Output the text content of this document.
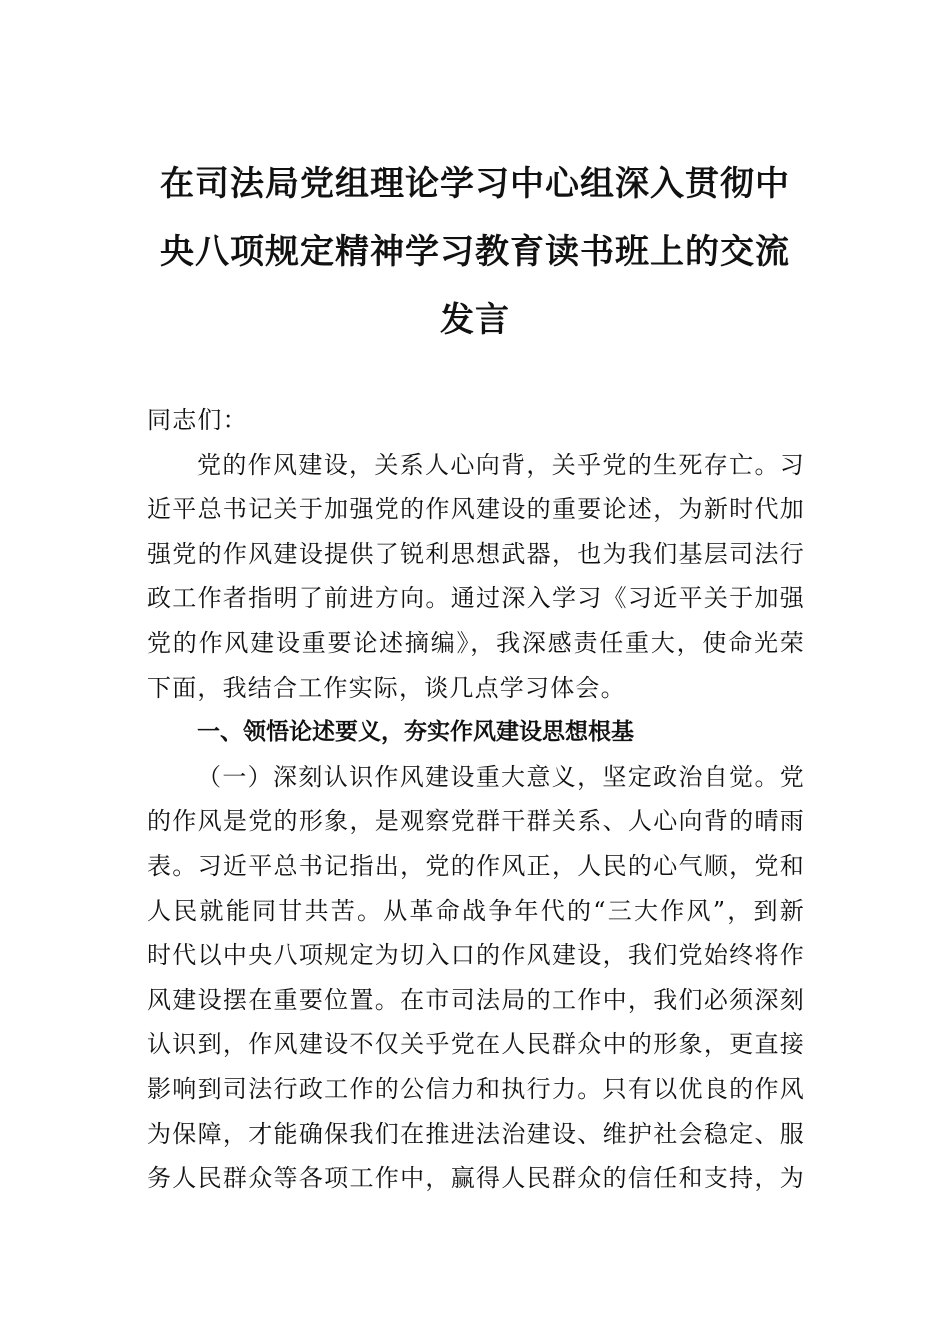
在司法局党组理论学习中心组深入贯彻中
央八项规定精神学习教育读书班上的交流
发言
同志们：
党的作风建设，关系人心向背，关乎党的生死存亡。习
近平总书记关于加强党的作风建设的重要论述，为新时代加
强党的作风建设提供了锐利思想武器，也为我们基层司法行
政工作者指明了前进方向。通过深入学习《习近平关于加强
党的作风建设重要论述摘编》，我深感责任重大，使命光荣
下面，我结合工作实际，谈几点学习体会。
一、领悟论述要义，夯实作风建设思想根基
（一）深刻认识作风建设重大意义，坚定政治自觉。党
的作风是党的形象，是观察党群干群关系、人心向背的晴雨
表。习近平总书记指出，党的作风正，人民的心气顺，党和
人民就能同甘共苦。从革命战争年代的“三大作风”，到新
时代以中央八项规定为切入口的作风建设，我们党始终将作
风建设摆在重要位置。在市司法局的工作中，我们必须深刻
认识到，作风建设不仅关乎党在人民群众中的形象，更直接
影响到司法行政工作的公信力和执行力。只有以优良的作风
为保障，才能确保我们在推进法治建设、维护社会稳定、服
务人民群众等各项工作中，赢得人民群众的信任和支持，为
